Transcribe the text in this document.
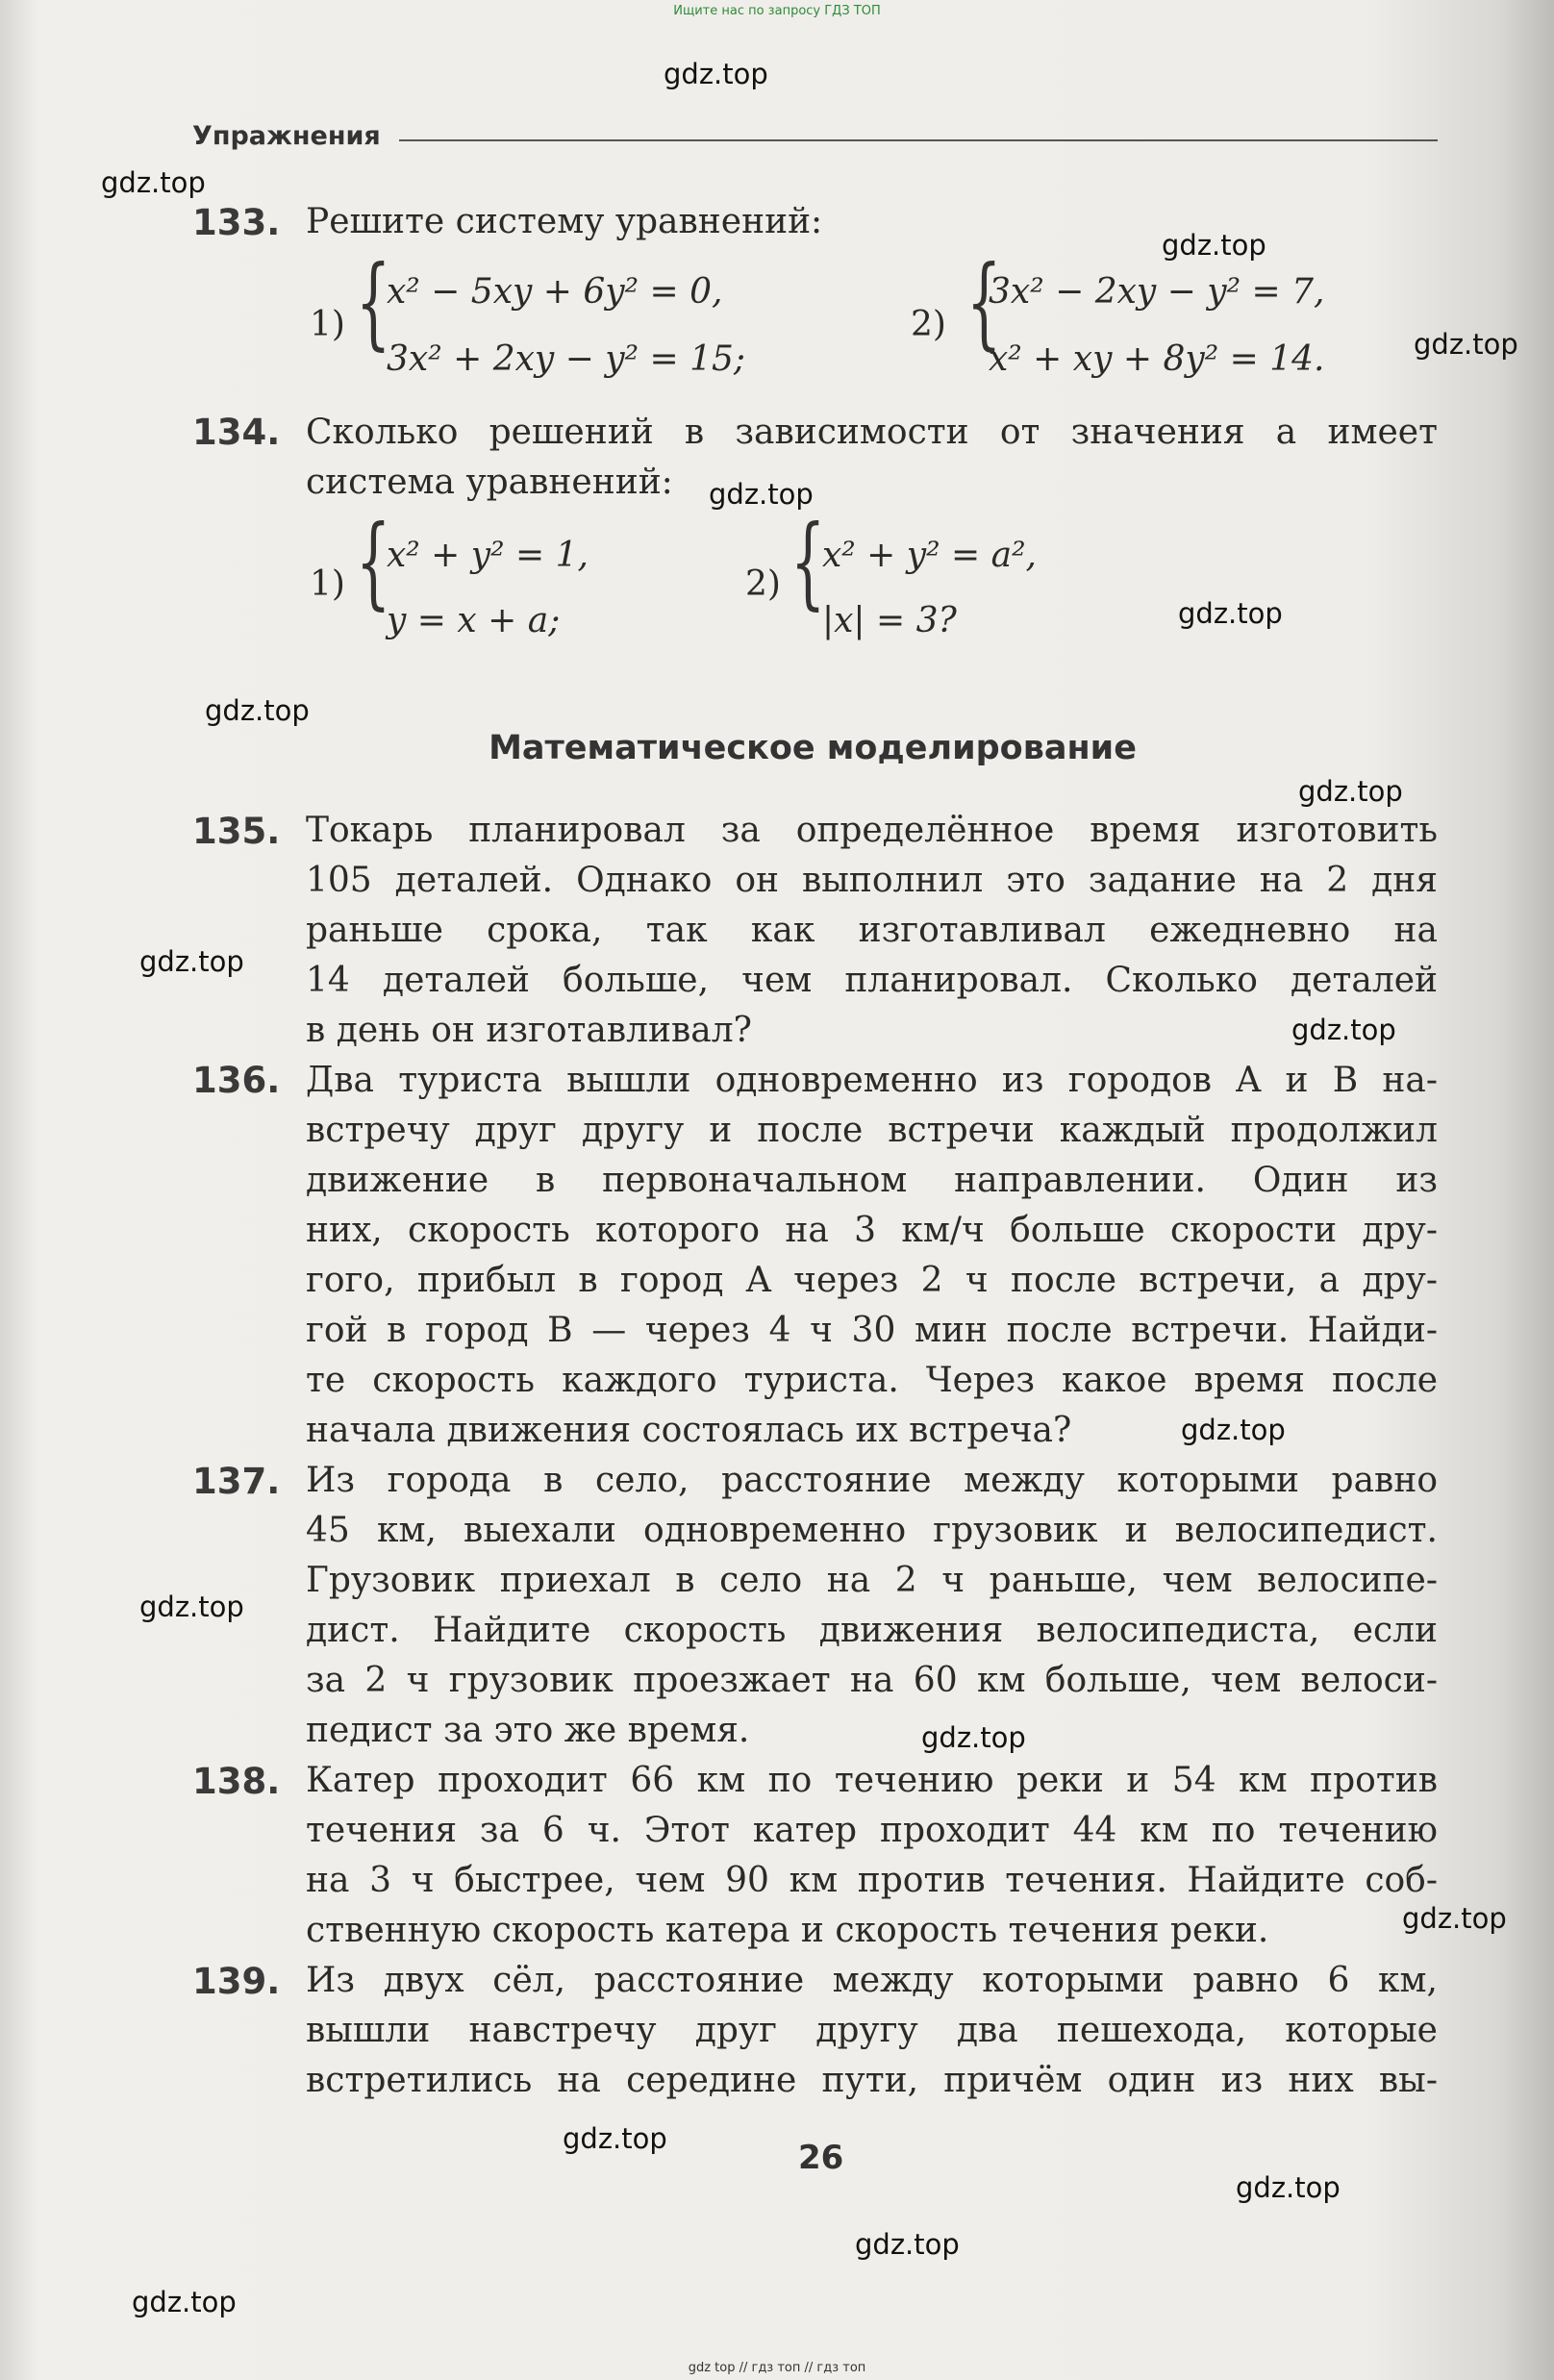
Ищите нас по запросу ГДЗ ТОП
gdz.top
gdz.top
gdz.top
gdz.top
gdz.top
gdz.top
gdz.top
gdz.top
gdz.top
gdz.top
gdz.top
gdz.top
gdz.top
gdz.top
gdz.top
gdz.top
gdz.top
gdz.top
Упражнения
133. Решите систему уравнений:
1) {
x² − 5xy + 6y² = 0,
3x² + 2xy − y² = 15;
2) {
3x² − 2xy − y² = 7,
x² + xy + 8y² = 14.
134. Сколько решений в зависимости от значения a имеет
система уравнений:
1) {
x² + y² = 1,
y = x + a;
2) {
x² + y² = a²,
|x| = 3?
Математическое моделирование
135. Токарь планировал за определённое время изготовить
105 деталей. Однако он выполнил это задание на 2 дня
раньше срока, так как изготавливал ежедневно на
14 деталей больше, чем планировал. Сколько деталей
в день он изготавливал?
136. Два туриста вышли одновременно из городов A и B на-
встречу друг другу и после встречи каждый продолжил
движение в первоначальном направлении. Один из
них, скорость которого на 3 км/ч больше скорости дру-
гого, прибыл в город A через 2 ч после встречи, а дру-
гой в город B — через 4 ч 30 мин после встречи. Найди-
те скорость каждого туриста. Через какое время после
начала движения состоялась их встреча?
137. Из города в село, расстояние между которыми равно
45 км, выехали одновременно грузовик и велосипедист.
Грузовик приехал в село на 2 ч раньше, чем велосипе-
дист. Найдите скорость движения велосипедиста, если
за 2 ч грузовик проезжает на 60 км больше, чем велоси-
педист за это же время.
138. Катер проходит 66 км по течению реки и 54 км против
течения за 6 ч. Этот катер проходит 44 км по течению
на 3 ч быстрее, чем 90 км против течения. Найдите соб-
ственную скорость катера и скорость течения реки.
139. Из двух сёл, расстояние между которыми равно 6 км,
вышли навстречу друг другу два пешехода, которые
встретились на середине пути, причём один из них вы-
26
gdz top // гдз топ // гдз топ
